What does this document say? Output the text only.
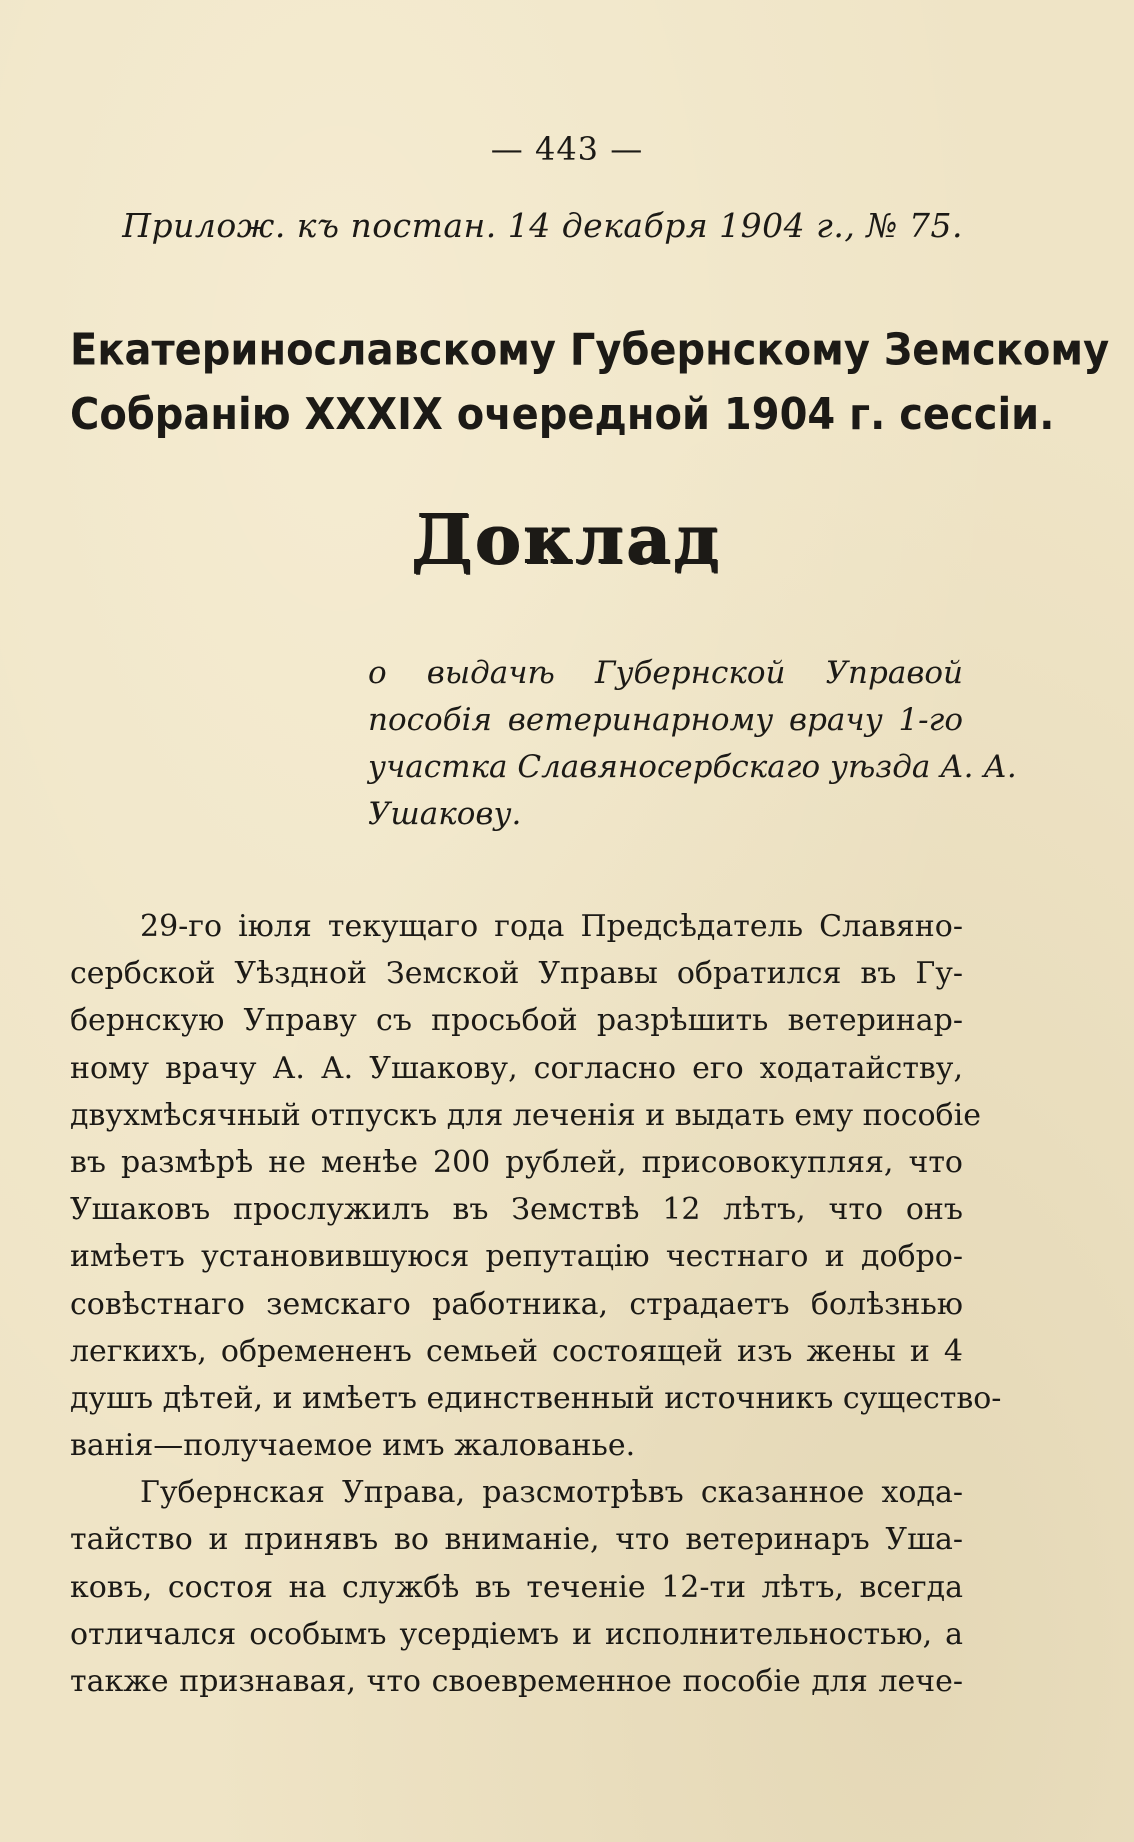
— 443 —
Прилож. къ постан. 14 декабря 1904 г., № 75.
Екатеринославскому Губернскому Земскому
Собранію XXXIX очередной 1904 г. сессіи.
Доклад
о выдачѣ Губернской Управой
пособія ветеринарному врачу 1-го
участка Славяносербскаго уѣзда А. А.
Ушакову.
29-го іюля текущаго года Предсѣдатель Славяно-
сербской Уѣздной Земской Управы обратился въ Гу-
бернскую Управу съ просьбой разрѣшить ветеринар-
ному врачу А. А. Ушакову, согласно его ходатайству,
двухмѣсячный отпускъ для леченія и выдать ему пособіе
въ размѣрѣ не менѣе 200 рублей, присовокупляя, что
Ушаковъ прослужилъ въ Земствѣ 12 лѣтъ, что онъ
имѣетъ установившуюся репутацію честнаго и добро-
совѣстнаго земскаго работника, страдаетъ болѣзнью
легкихъ, обремененъ семьей состоящей изъ жены и 4
душъ дѣтей, и имѣетъ единственный источникъ существо-
ванія—получаемое имъ жалованье.
Губернская Управа, разсмотрѣвъ сказанное хода-
тайство и принявъ во вниманіе, что ветеринаръ Уша-
ковъ, состоя на службѣ въ теченіе 12-ти лѣтъ, всегда
отличался особымъ усердіемъ и исполнительностью, а
также признавая, что своевременное пособіе для лече-
